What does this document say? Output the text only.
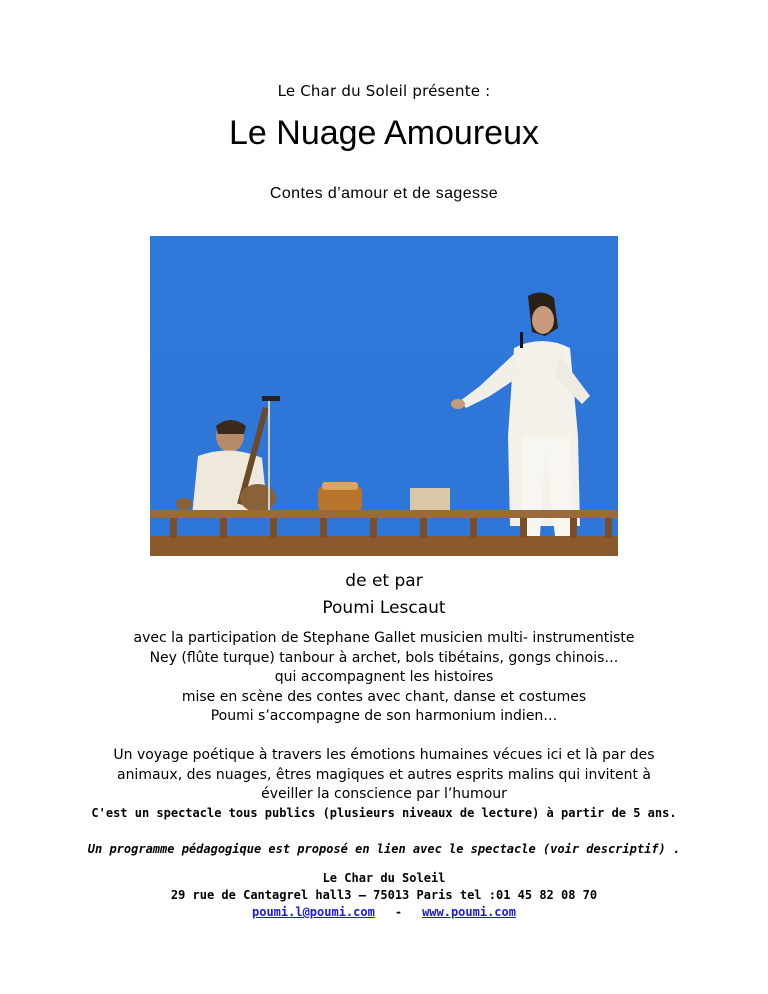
Le Char du Soleil présente :
Le Nuage Amoureux
Contes d’amour et de sagesse
de et par
Poumi Lescaut
avec la participation de Stephane Gallet musicien multi- instrumentiste
Ney (flûte turque) tanbour à archet, bols tibétains, gongs chinois…
qui accompagnent les histoires
mise en scène des contes avec chant, danse et costumes
Poumi s’accompagne de son harmonium indien…
Un voyage poétique à travers les émotions humaines vécues ici et là par des
animaux, des nuages, êtres magiques et autres esprits malins qui invitent à
éveiller la conscience par l’humour
C'est un spectacle tous publics (plusieurs niveaux de lecture) à partir de 5 ans.
Un programme pédagogique est proposé en lien avec le spectacle (voir descriptif) .
Le Char du Soleil
29 rue de Cantagrel hall3 – 75013 Paris tel :01 45 82 08 70
poumi.l@poumi.com - www.poumi.com
